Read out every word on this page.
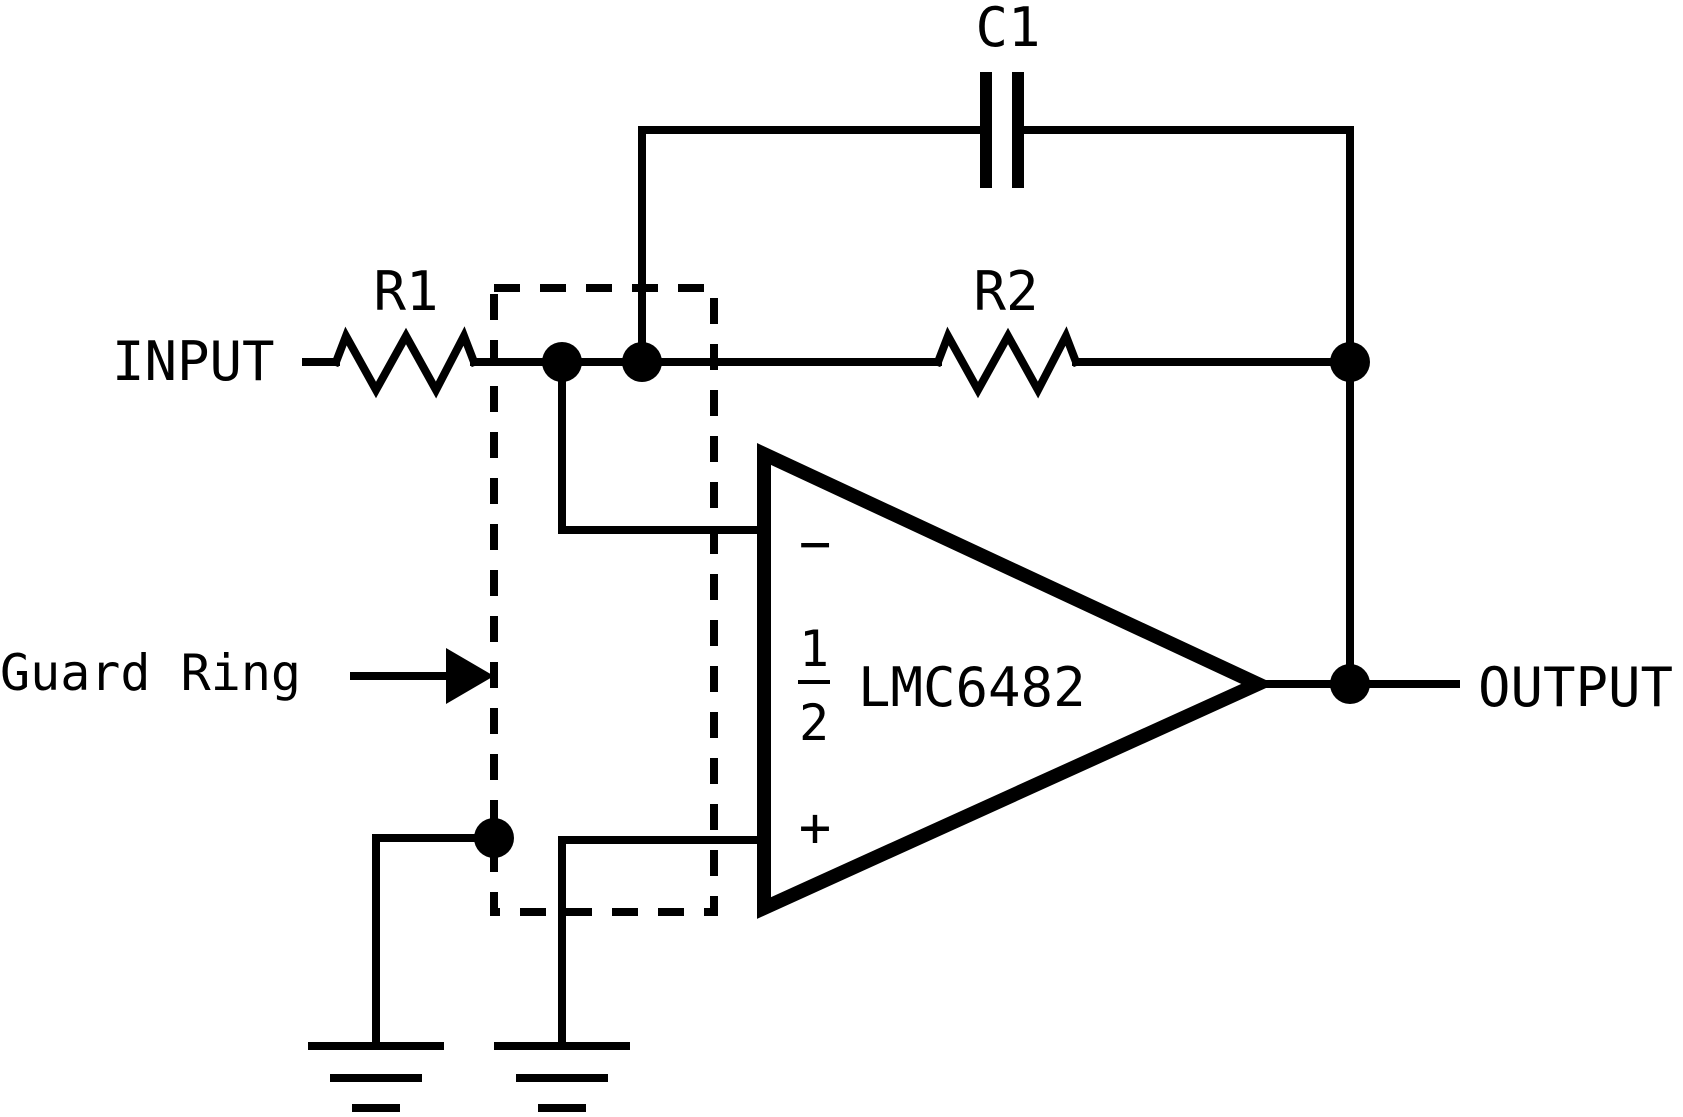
C1
R1	R2
INPUT
OUTPUT
Guard Ring	1
2
LMC6482
−
+
